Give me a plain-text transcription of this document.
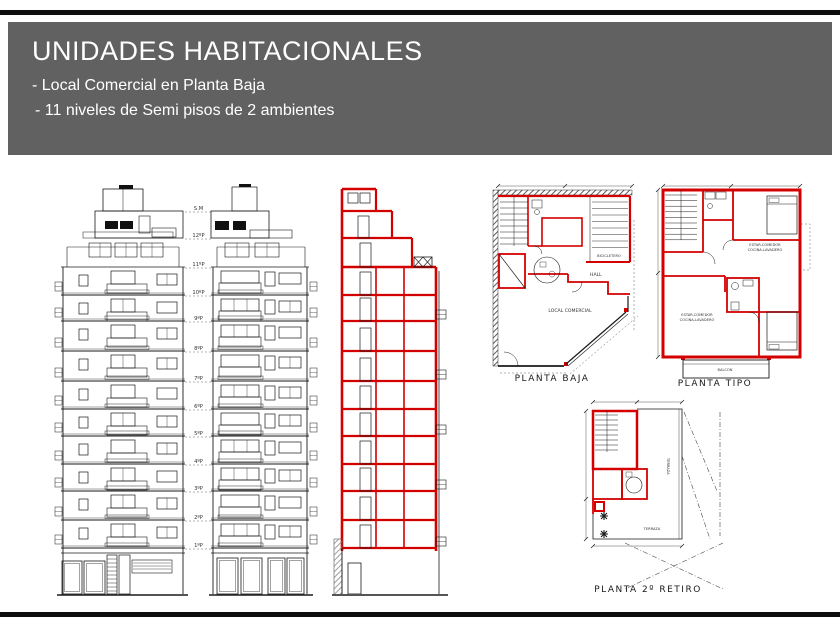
UNIDADES HABITACIONALES

- Local Comercial en Planta Baja

- 11 niveles de Semi pisos de 2 ambientes

S.M
12ºP
11ºP
10ºP
9ºP
8ºP
7ºP
6ºP
5ºP
4ºP
3ºP
2ºP
1ºP
HALL
BICICLETERO
LOCAL COMERCIAL
PLANTA BAJA
ESTAR-COMEDOR
COCINA-LAVADERO
ESTAR-COMEDOR
COCINA-LAVADERO
BALCON
PLANTA TIPO
TERRAZA
TERRAZA
PLANTA 2º RETIRO
